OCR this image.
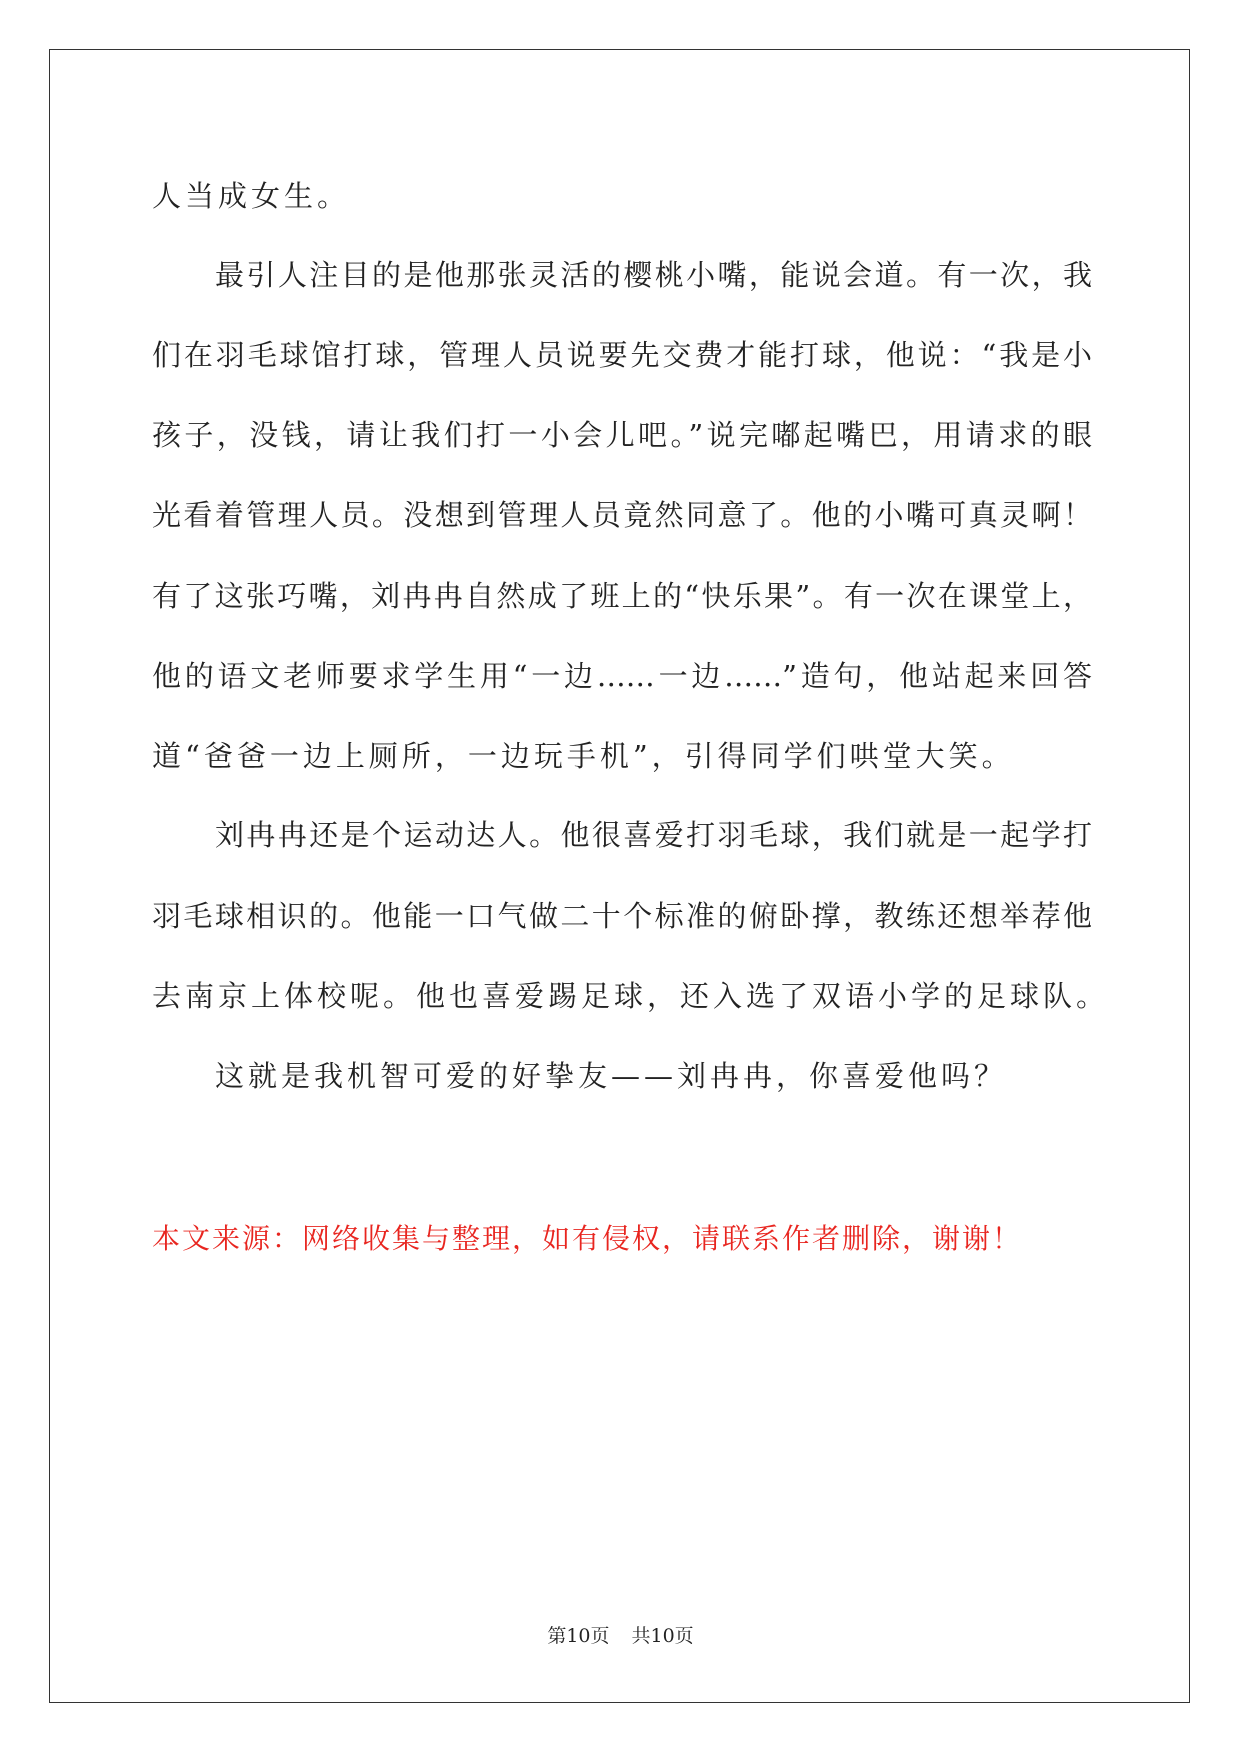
人当成女生。
最引人注目的是他那张灵活的樱桃小嘴，能说会道。有一次，我
们在羽毛球馆打球，管理人员说要先交费才能打球，他说：“我是小
孩子，没钱，请让我们打一小会儿吧。”说完嘟起嘴巴，用请求的眼
光看着管理人员。没想到管理人员竟然同意了。他的小嘴可真灵啊！
有了这张巧嘴，刘冉冉自然成了班上的“快乐果”。有一次在课堂上，
他的语文老师要求学生用“一边……一边……”造句，他站起来回答
道“爸爸一边上厕所，一边玩手机”，引得同学们哄堂大笑。
刘冉冉还是个运动达人。他很喜爱打羽毛球，我们就是一起学打
羽毛球相识的。他能一口气做二十个标准的俯卧撑，教练还想举荐他
去南京上体校呢。他也喜爱踢足球，还入选了双语小学的足球队。
这就是我机智可爱的好挚友——刘冉冉，你喜爱他吗？
本文来源：网络收集与整理，如有侵权，请联系作者删除，谢谢！
第10页 共10页
